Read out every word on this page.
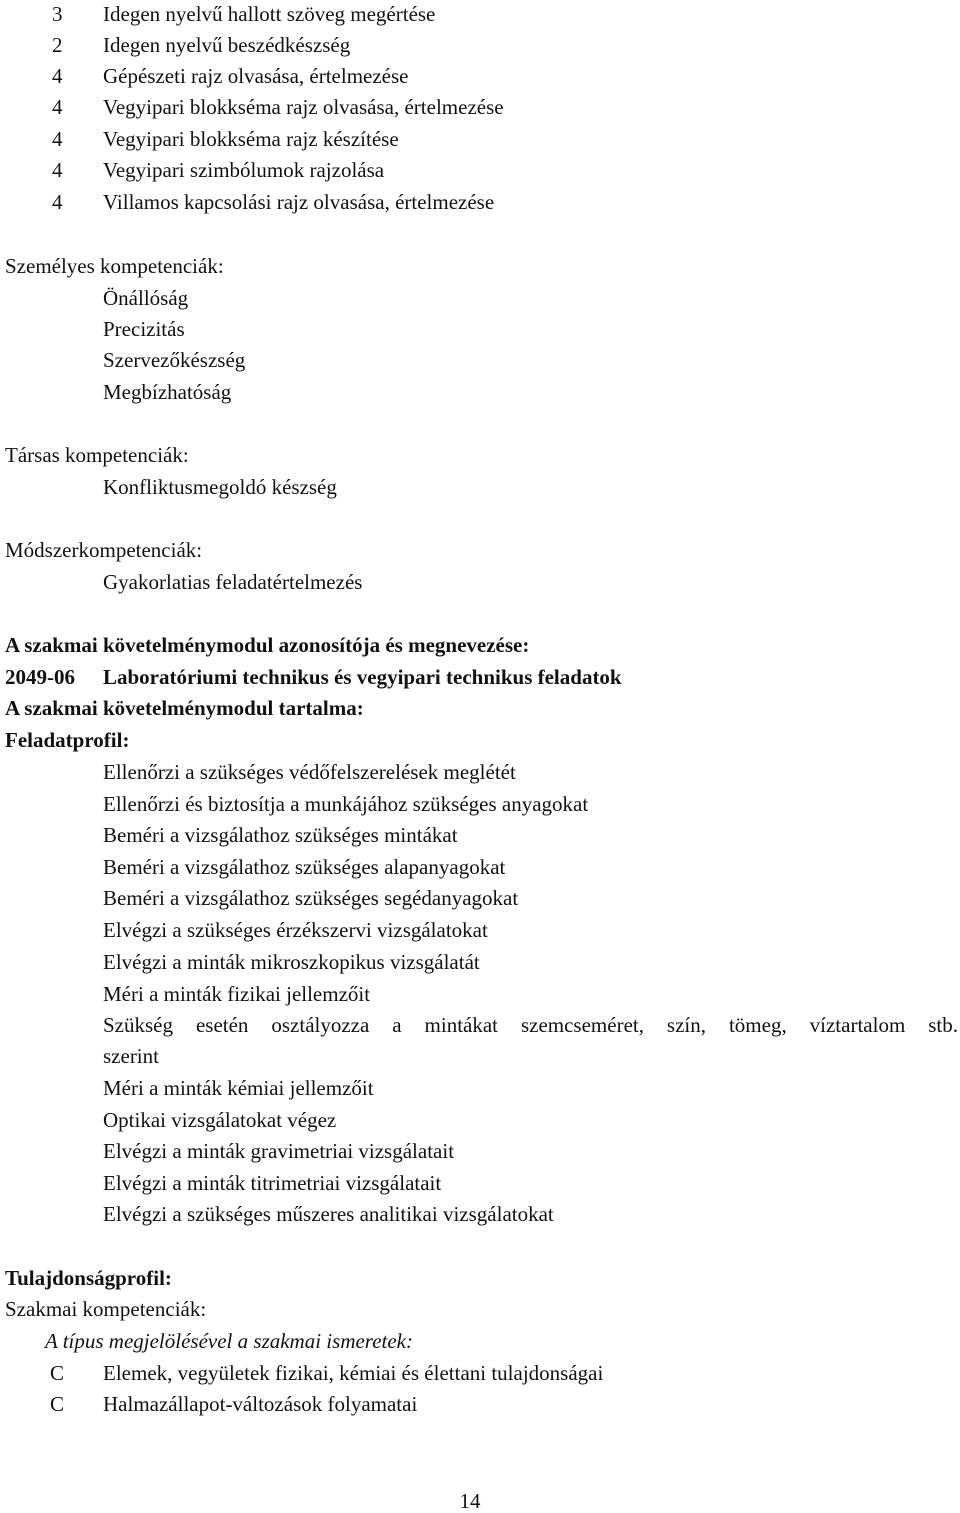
3 Idegen nyelvű hallott szöveg megértése
2 Idegen nyelvű beszédkészség
4 Gépészeti rajz olvasása, értelmezése
4 Vegyipari blokkséma rajz olvasása, értelmezése
4 Vegyipari blokkséma rajz készítése
4 Vegyipari szimbólumok rajzolása
4 Villamos kapcsolási rajz olvasása, értelmezése
Személyes kompetenciák:
Önállóság
Precizitás
Szervezőkészség
Megbízhatóság
Társas kompetenciák:
Konfliktusmegoldó készség
Módszerkompetenciák:
Gyakorlatias feladatértelmezés
A szakmai követelménymodul azonosítója és megnevezése:
2049-06 Laboratóriumi technikus és vegyipari technikus feladatok
A szakmai követelménymodul tartalma:
Feladatprofil:
Ellenőrzi a szükséges védőfelszerelések meglétét
Ellenőrzi és biztosítja a munkájához szükséges anyagokat
Beméri a vizsgálathoz szükséges mintákat
Beméri a vizsgálathoz szükséges alapanyagokat
Beméri a vizsgálathoz szükséges segédanyagokat
Elvégzi a szükséges érzékszervi vizsgálatokat
Elvégzi a minták mikroszkopikus vizsgálatát
Méri a minták fizikai jellemzőit
Szükség esetén osztályozza a mintákat szemcseméret, szín, tömeg, víztartalom stb.
szerint
Méri a minták kémiai jellemzőit
Optikai vizsgálatokat végez
Elvégzi a minták gravimetriai vizsgálatait
Elvégzi a minták titrimetriai vizsgálatait
Elvégzi a szükséges műszeres analitikai vizsgálatokat
Tulajdonságprofil:
Szakmai kompetenciák:
A típus megjelölésével a szakmai ismeretek:
C Elemek, vegyületek fizikai, kémiai és élettani tulajdonságai
C Halmazállapot-változások folyamatai
14
